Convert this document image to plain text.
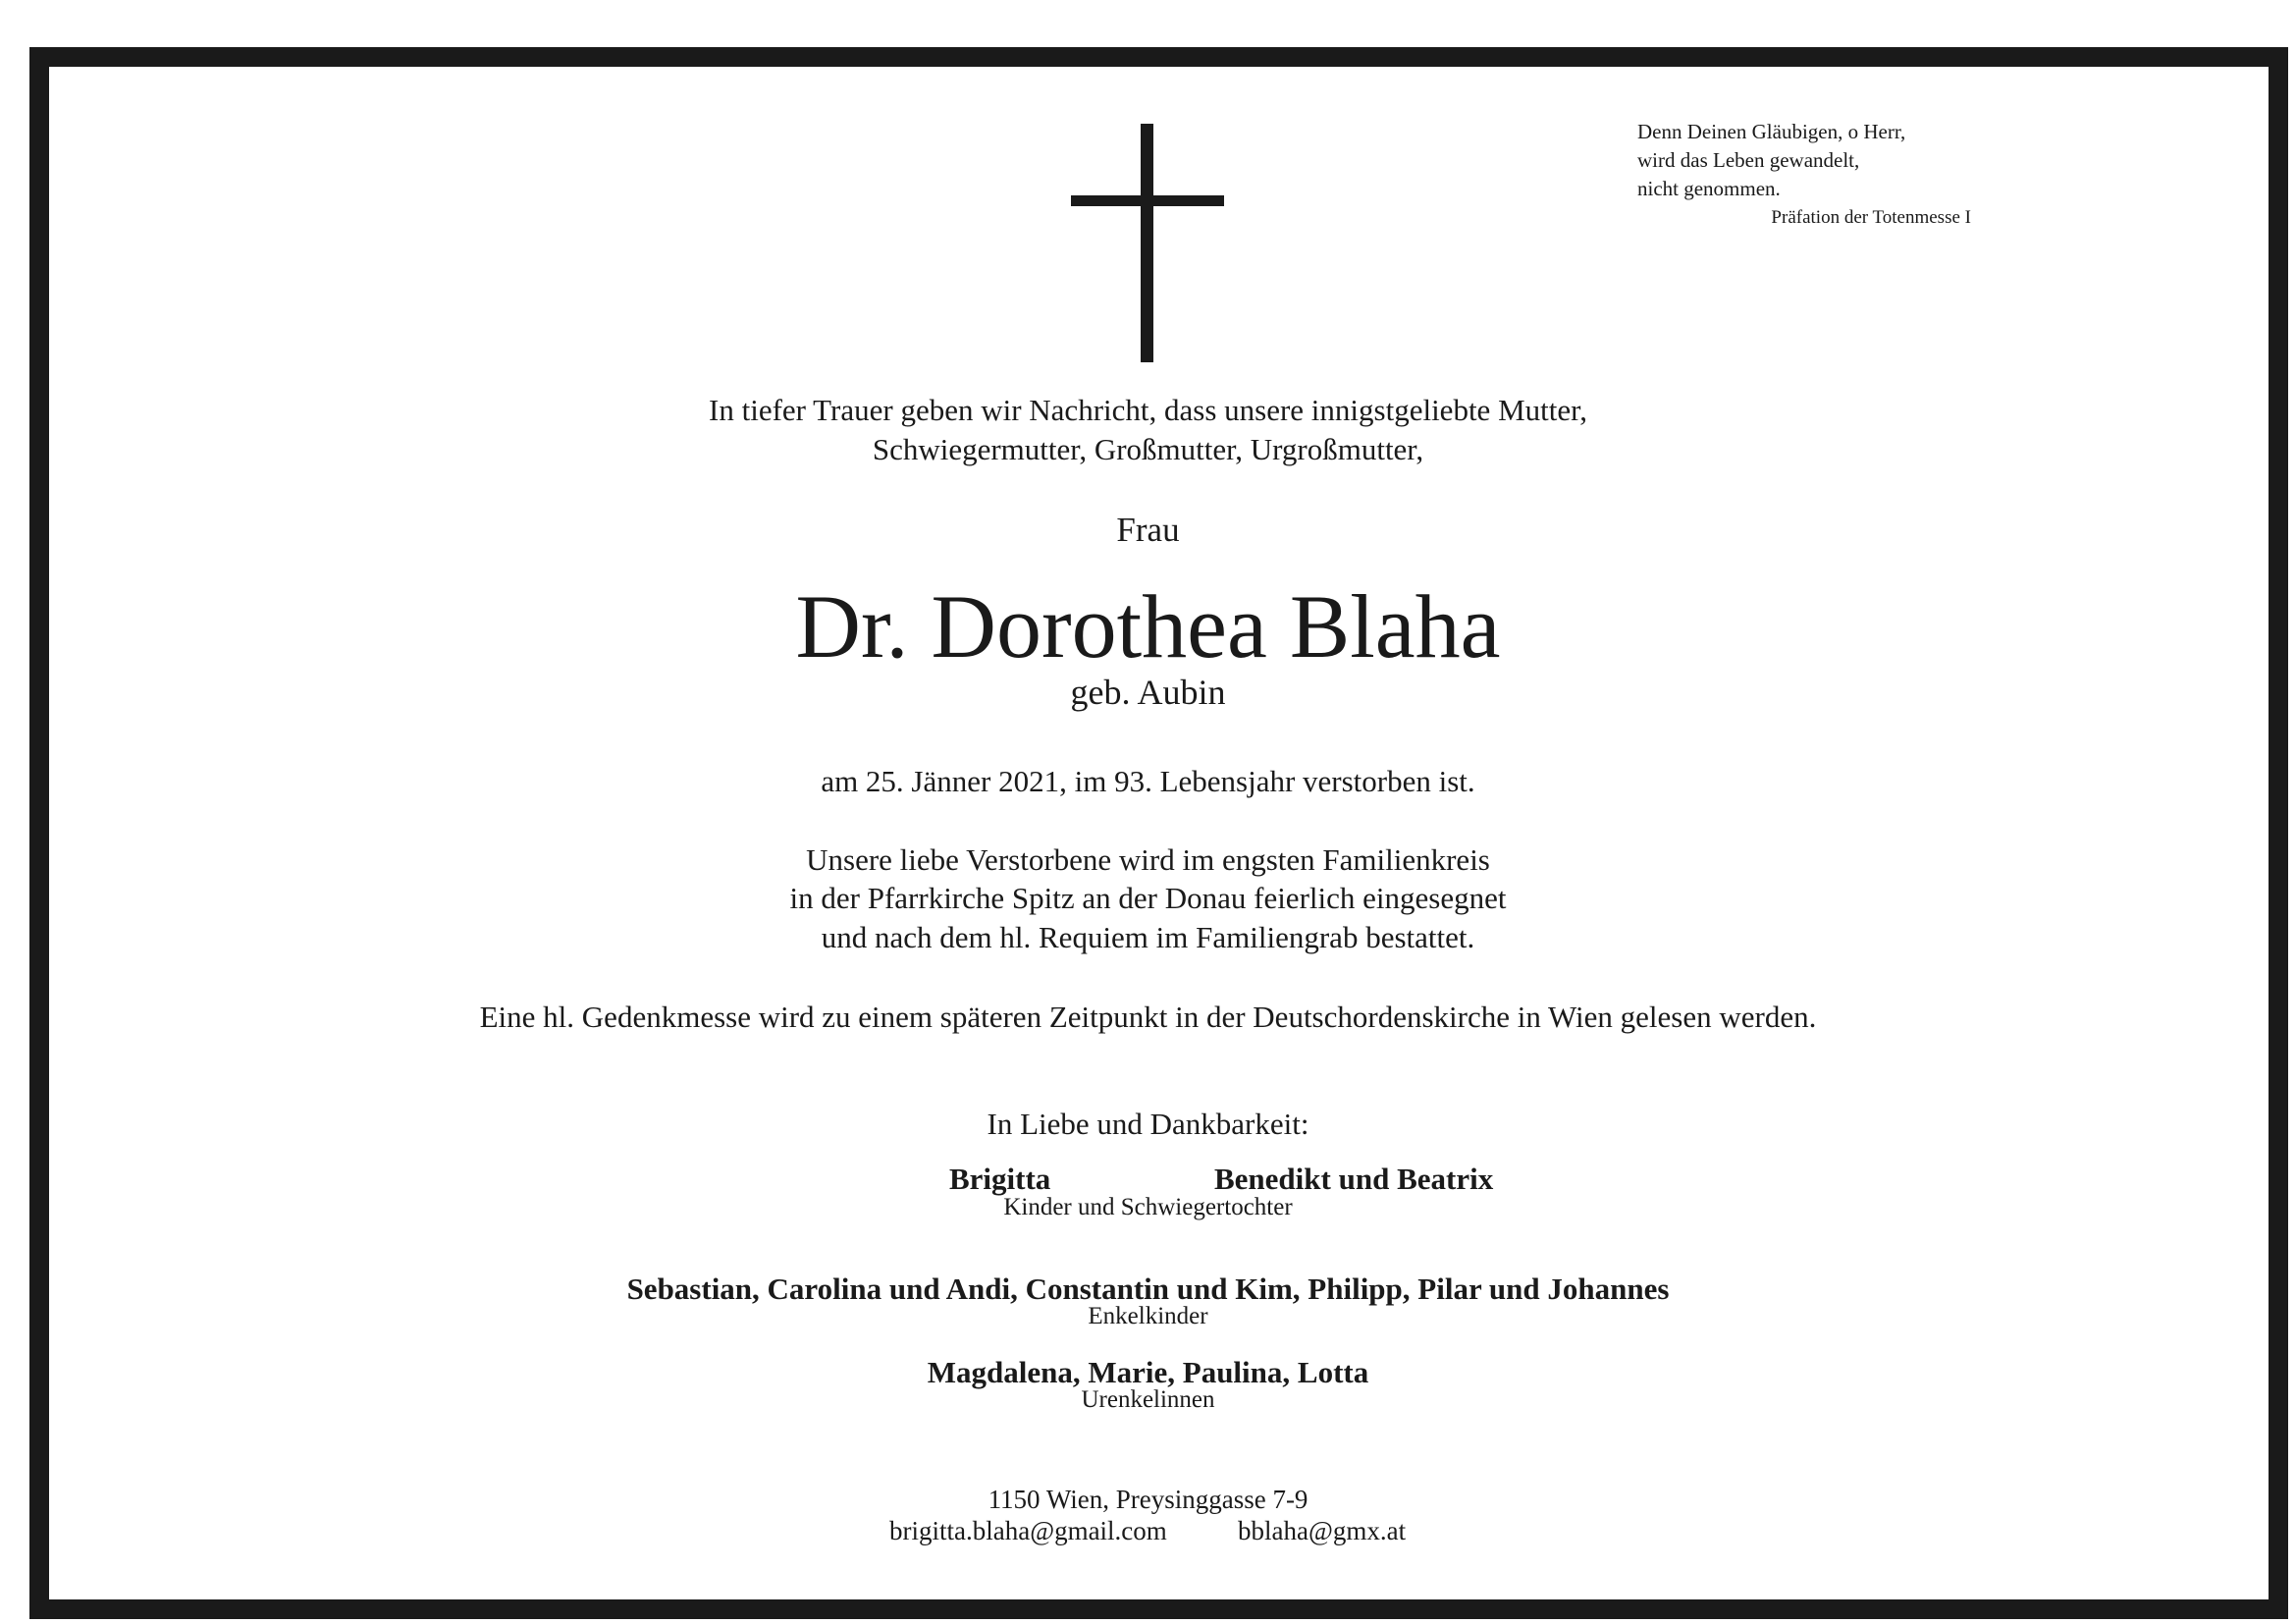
Denn Deinen Gläubigen, o Herr,
wird das Leben gewandelt,
nicht genommen.
Präfation der Totenmesse I
In tiefer Trauer geben wir Nachricht, dass unsere innigstgeliebte Mutter,
Schwiegermutter, Großmutter, Urgroßmutter,
Frau
Dr. Dorothea Blaha
geb. Aubin
am 25. Jänner 2021, im 93. Lebensjahr verstorben ist.
Unsere liebe Verstorbene wird im engsten Familienkreis
in der Pfarrkirche Spitz an der Donau feierlich eingesegnet
und nach dem hl. Requiem im Familiengrab bestattet.
Eine hl. Gedenkmesse wird zu einem späteren Zeitpunkt in der Deutschordenskirche in Wien gelesen werden.
In Liebe und Dankbarkeit:
Brigitta	Benedikt und Beatrix
Kinder und Schwiegertochter
Sebastian, Carolina und Andi, Constantin und Kim, Philipp, Pilar und Johannes
Enkelkinder
Magdalena, Marie, Paulina, Lotta
Urenkelinnen
1150 Wien, Preysinggasse 7-9
brigitta.blaha@gmail.com	bblaha@gmx.at
